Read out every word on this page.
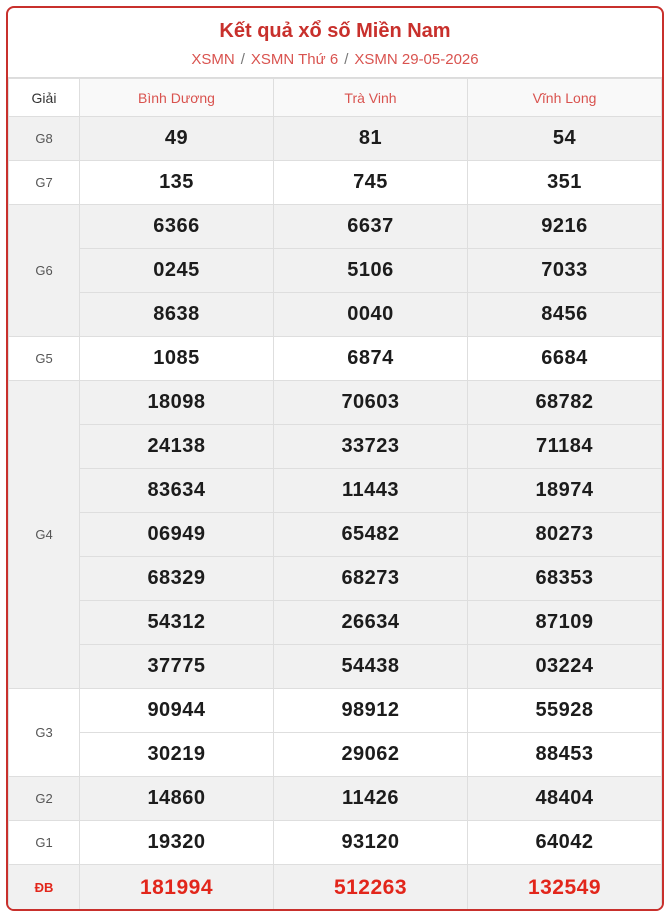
Kết quả xổ số Miền Nam
XSMN / XSMN Thứ 6 / XSMN 29-05-2026
Giải	Bình Dương	Trà Vinh	Vĩnh Long
G8	49	81	54
G7	135	745	351
G6	6366	6637	9216
	0245	5106	7033
	8638	0040	8456
G5	1085	6874	6684
G4	18098	70603	68782
	24138	33723	71184
	83634	11443	18974
	06949	65482	80273
	68329	68273	68353
	54312	26634	87109
	37775	54438	03224
G3	90944	98912	55928
	30219	29062	88453
G2	14860	11426	48404
G1	19320	93120	64042
ĐB	181994	512263	132549
